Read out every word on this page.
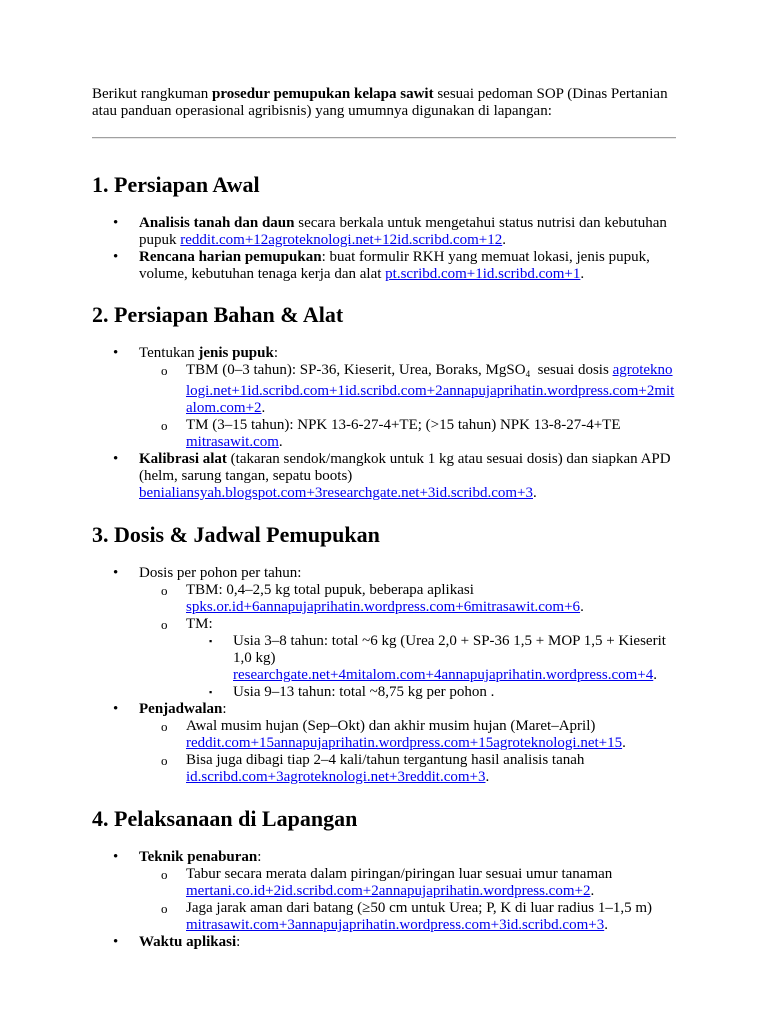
Berikut rangkuman prosedur pemupukan kelapa sawit sesuai pedoman SOP (Dinas Pertanian atau panduan operasional agribisnis) yang umumnya digunakan di lapangan:

1. Persiapan Awal
•	Analisis tanah dan daun secara berkala untuk mengetahui status nutrisi dan kebutuhan pupuk reddit.com+12agroteknologi.net+12id.scribd.com+12.
•	Rencana harian pemupukan: buat formulir RKH yang memuat lokasi, jenis pupuk, volume, kebutuhan tenaga kerja dan alat pt.scribd.com+1id.scribd.com+1.
2. Persiapan Bahan & Alat
•	Tentukan jenis pupuk:
o	TBM (0–3 tahun): SP-36, Kieserit, Urea, Boraks, MgSO$_4$  sesuai dosis agroteknologi.net+1id.scribd.com+1id.scribd.com+2annapujaprihatin.wordpress.com+2mitalom.com+2.
o	TM (3–15 tahun): NPK 13-6-27-4+TE; (>15 tahun) NPK 13-8-27-4+TE mitrasawit.com.
•	Kalibrasi alat (takaran sendok/mangkok untuk 1 kg atau sesuai dosis) dan siapkan APD (helm, sarung tangan, sepatu boots) benialiansyah.blogspot.com+3researchgate.net+3id.scribd.com+3.
3. Dosis & Jadwal Pemupukan
•	Dosis per pohon per tahun:
o	TBM: 0,4–2,5 kg total pupuk, beberapa aplikasi spks.or.id+6annapujaprihatin.wordpress.com+6mitrasawit.com+6.
o	TM:
▪	Usia 3–8 tahun: total ~6 kg (Urea 2,0 + SP-36 1,5 + MOP 1,5 + Kieserit 1,0 kg) researchgate.net+4mitalom.com+4annapujaprihatin.wordpress.com+4.
▪	Usia 9–13 tahun: total ~8,75 kg per pohon .
•	Penjadwalan:
o	Awal musim hujan (Sep–Okt) dan akhir musim hujan (Maret–April) reddit.com+15annapujaprihatin.wordpress.com+15agroteknologi.net+15.
o	Bisa juga dibagi tiap 2–4 kali/tahun tergantung hasil analisis tanah id.scribd.com+3agroteknologi.net+3reddit.com+3.
4. Pelaksanaan di Lapangan
•	Teknik penaburan:
o	Tabur secara merata dalam piringan/piringan luar sesuai umur tanaman mertani.co.id+2id.scribd.com+2annapujaprihatin.wordpress.com+2.
o	Jaga jarak aman dari batang (≥50 cm untuk Urea; P, K di luar radius 1–1,5 m) mitrasawit.com+3annapujaprihatin.wordpress.com+3id.scribd.com+3.
•	Waktu aplikasi:
